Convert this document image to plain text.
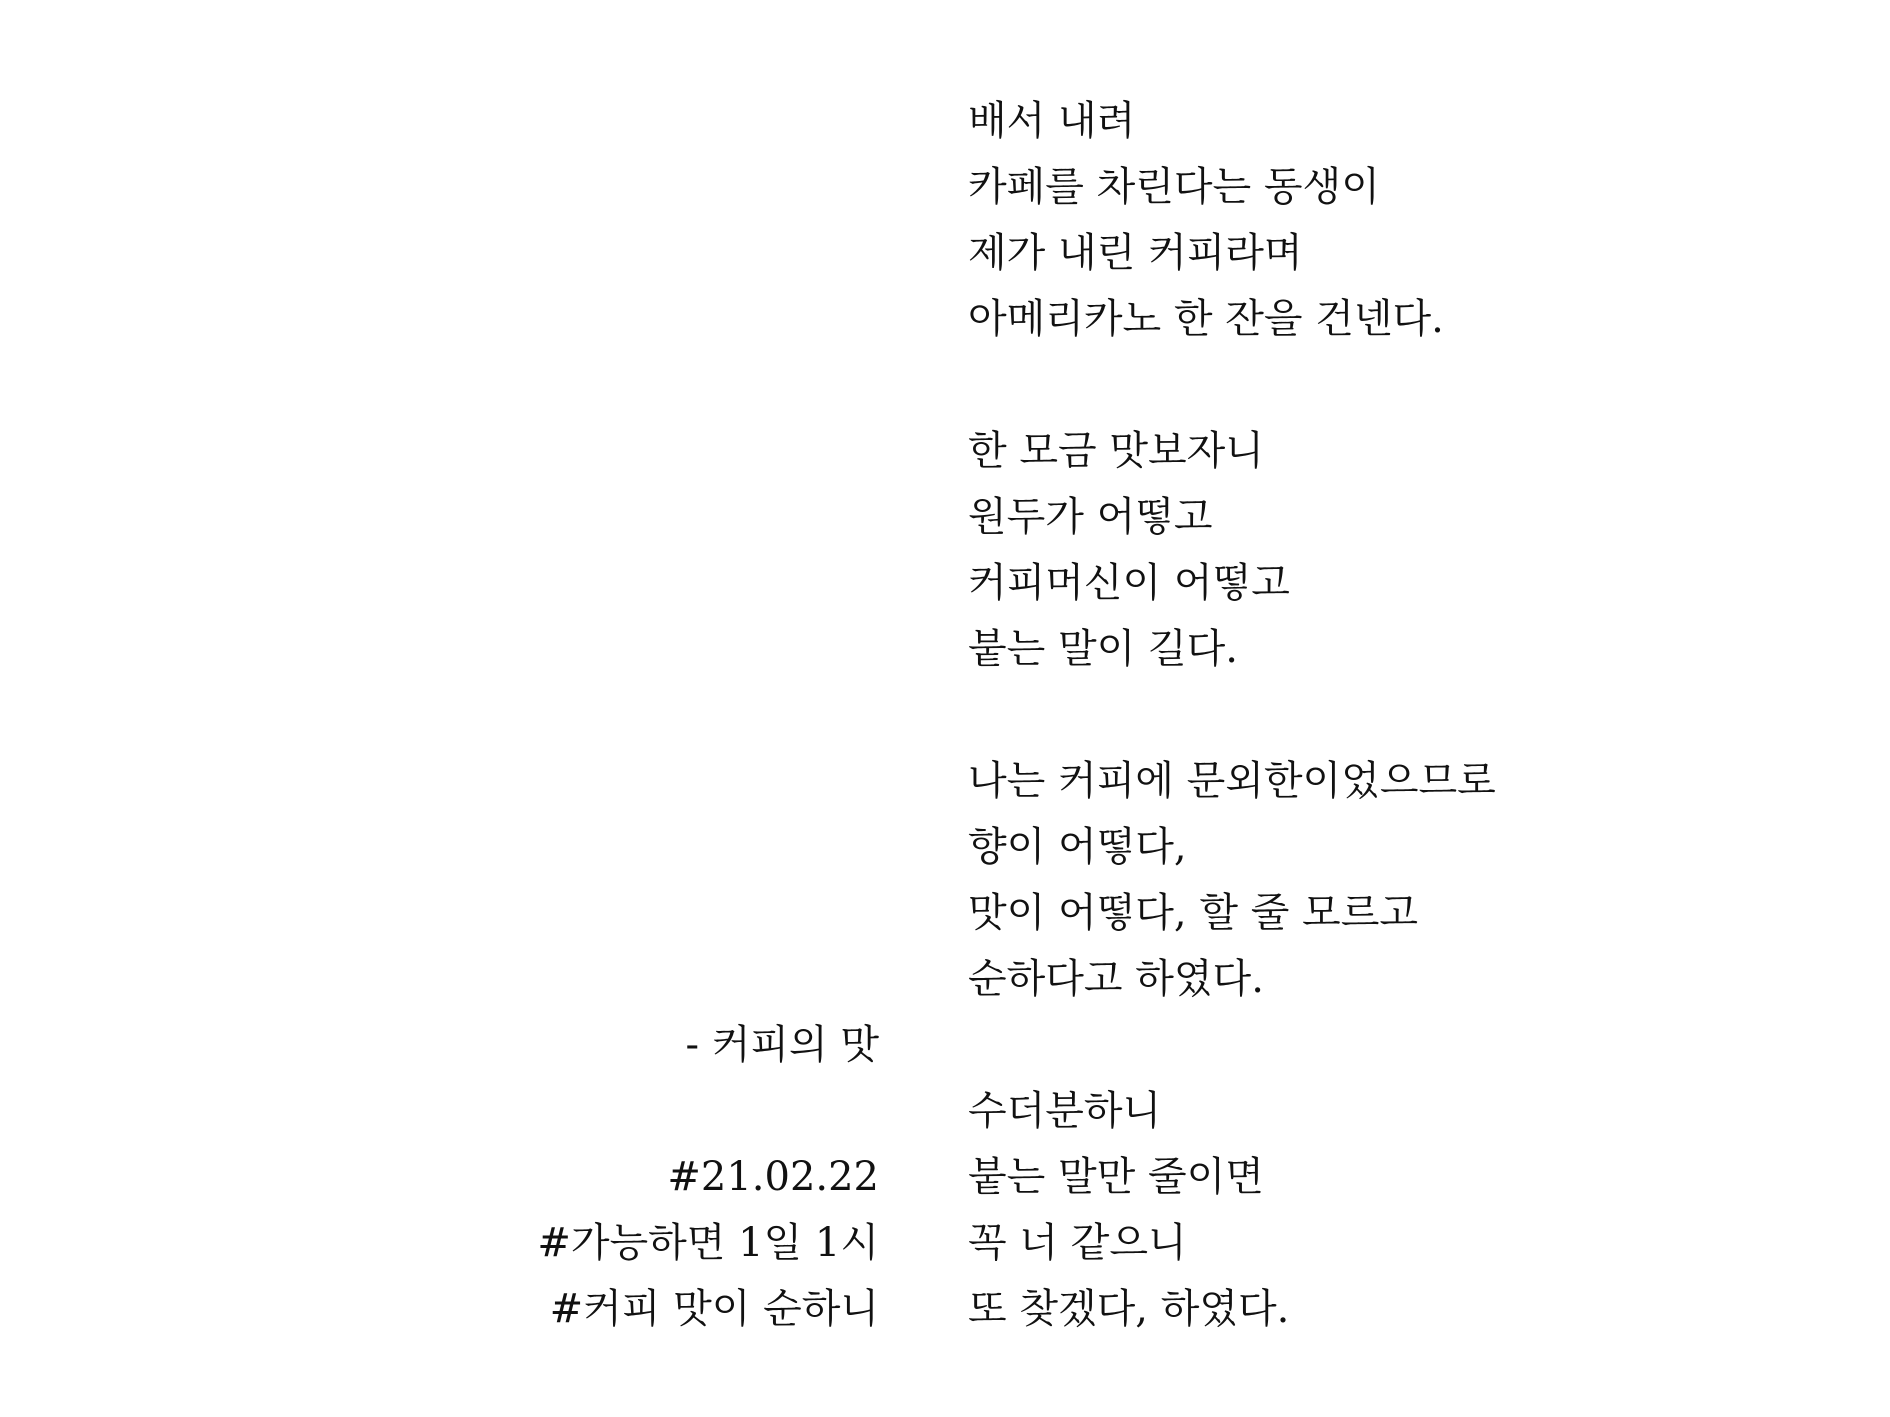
배서 내려
카페를 차린다는 동생이
제가 내린 커피라며
아메리카노 한 잔을 건넨다.
한 모금 맛보자니
원두가 어떻고
커피머신이 어떻고
붙는 말이 길다.
나는 커피에 문외한이었으므로
향이 어떻다,
맛이 어떻다, 할 줄 모르고
순하다고 하였다.
수더분하니
붙는 말만 줄이면
꼭 너 같으니
또 찾겠다, 하였다.
- 커피의 맛
#21.02.22
#가능하면 1일 1시
#커피 맛이 순하니
